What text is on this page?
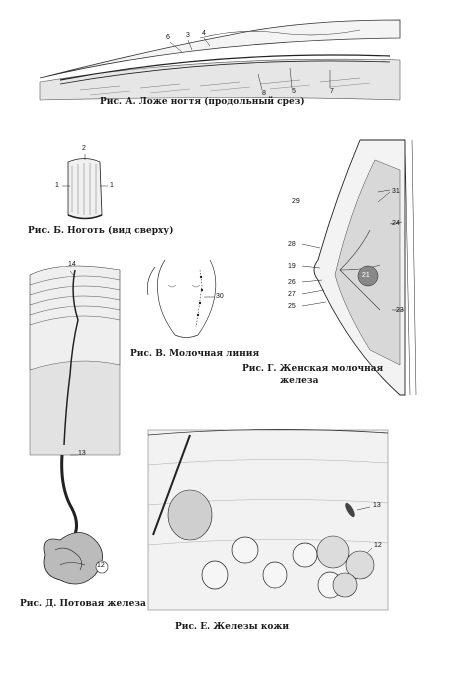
6 3 4
8	5	7
Рис. А. Ложе ногтя (продольный срез)
2
1	1
Рис. Б. Ноготь (вид сверху)
30
Рис. В. Молочная линия
29
31
24
28
19
21
26
27
25
23
Рис. Г. Женская молочная
железа
14
13
12
Рис. Д. Потовая железа
13
12
Рис. Е. Железы кожи
